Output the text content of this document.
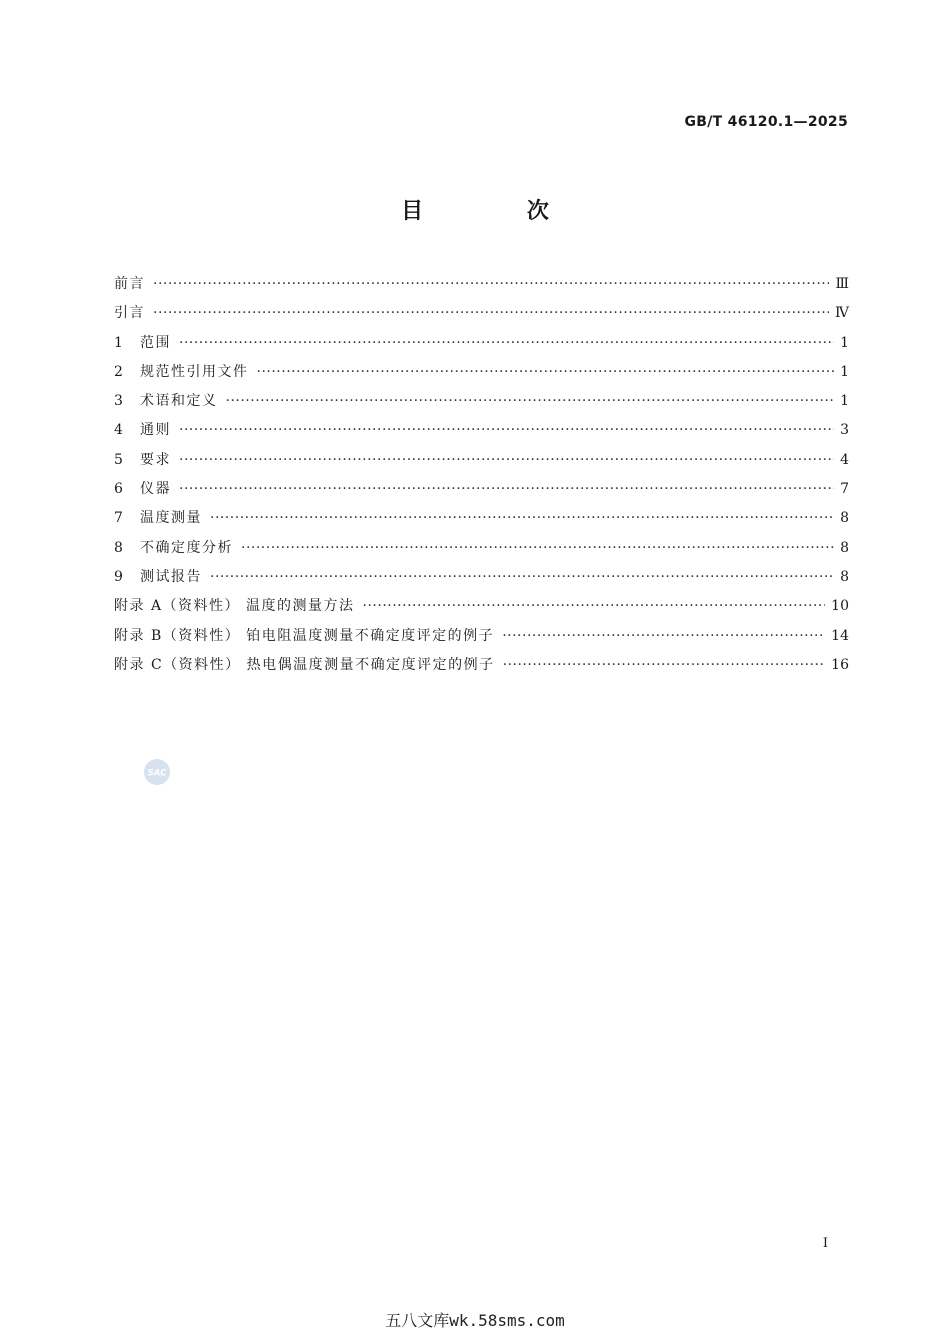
GB/T 46120.1—2025
目 次
前言 ·····	Ⅲ
引言 ·····	Ⅳ
1	范围 ·····	1
2	规范性引用文件 ·····	1
3	术语和定义 ·····	1
4	通则 ·····	3
5	要求 ·····	4
6	仪器 ·····	7
7	温度测量 ·····	8
8	不确定度分析 ·····	8
9	测试报告 ·····	8
附录 A（资料性） 温度的测量方法 ·····	10
附录 B（资料性） 铂电阻温度测量不确定度评定的例子 ·····	14
附录 C（资料性） 热电偶温度测量不确定度评定的例子 ·····	16
SAC
Ⅰ
五八文库wk.58sms.com
